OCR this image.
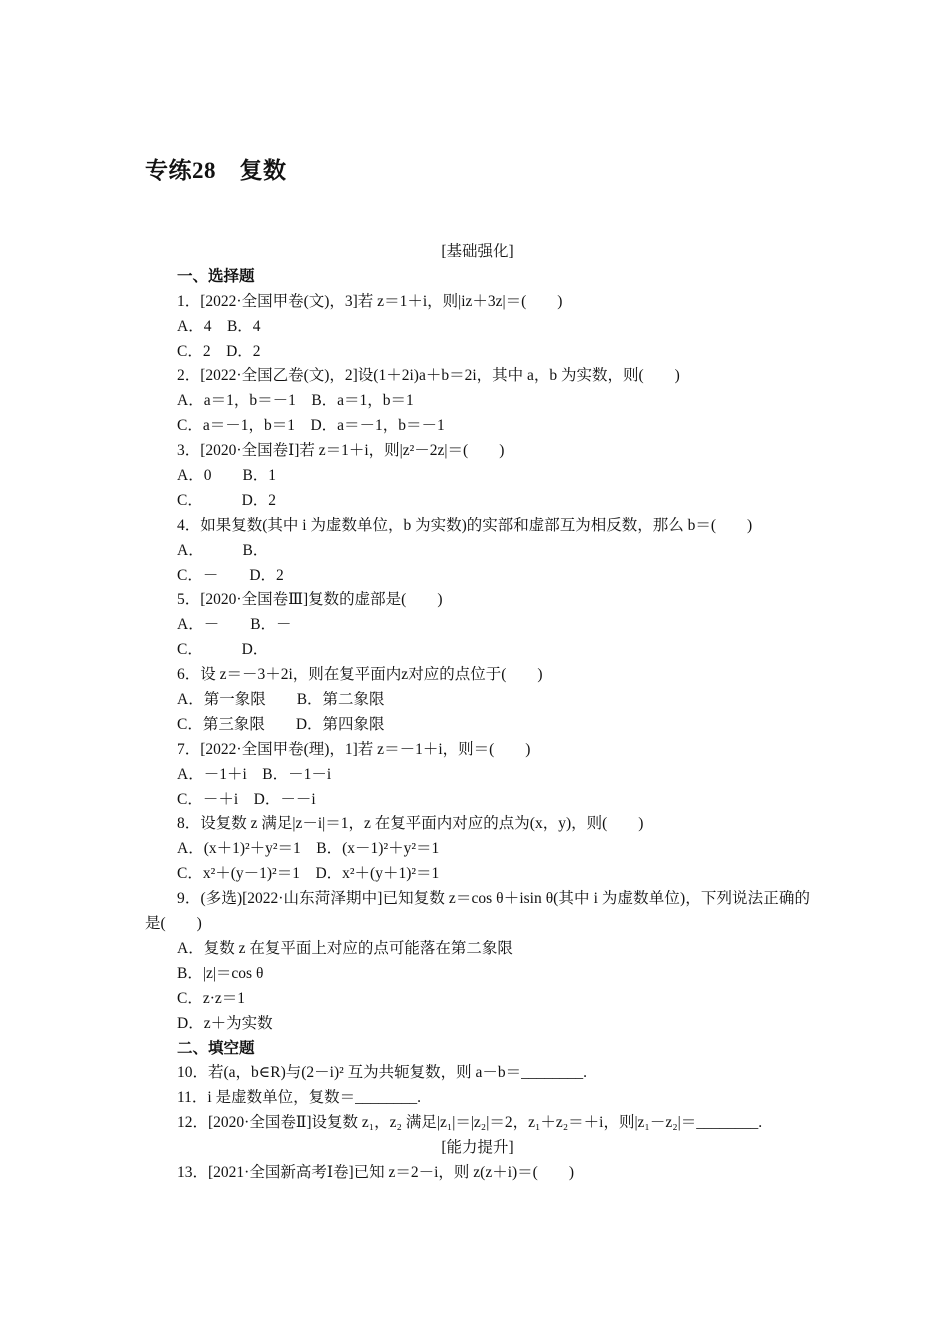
专练28　复数
[基础强化]
一、选择题
1．[2022·全国甲卷(文)，3]若 z＝1＋i，则|iz＋3z|＝(　　)
A．4　B．4
C．2　D．2
2．[2022·全国乙卷(文)，2]设(1＋2i)a＋b＝2i，其中 a，b 为实数，则(　　)
A．a＝1，b＝－1　B．a＝1，b＝1
C．a＝－1，b＝1　D．a＝－1，b＝－1
3．[2020·全国卷Ⅰ]若 z＝1＋i，则|z²－2z|＝(　　)
A．0　　B．1
C．　　　D．2
4．如果复数(其中 i 为虚数单位，b 为实数)的实部和虚部互为相反数，那么 b＝(　　)
A．　　　B．
C．－　　D．2
5．[2020·全国卷Ⅲ]复数的虚部是(　　)
A．－　　B．－
C．　　　D．
6．设 z＝－3＋2i，则在复平面内z对应的点位于(　　)
A．第一象限　　B．第二象限
C．第三象限　　D．第四象限
7．[2022·全国甲卷(理)，1]若 z＝－1＋i，则＝(　　)
A．－1＋i　B．－1－i
C．－＋i　D．－－i
8．设复数 z 满足|z－i|＝1，z 在复平面内对应的点为(x，y)，则(　　)
A．(x＋1)²＋y²＝1　B．(x－1)²＋y²＝1
C．x²＋(y－1)²＝1　D．x²＋(y＋1)²＝1
9．(多选)[2022·山东菏泽期中]已知复数 z＝cos θ＋isin θ(其中 i 为虚数单位)，下列说法正确的是(　　)
A．复数 z 在复平面上对应的点可能落在第二象限
B．|z|＝cos θ
C．z·z＝1
D．z＋为实数
二、填空题
10．若(a，b∈R)与(2－i)² 互为共轭复数，则 a－b＝________.
11．i 是虚数单位，复数＝________.
12．[2020·全国卷Ⅱ]设复数 z₁，z₂ 满足|z₁|＝|z₂|＝2，z₁＋z₂＝＋i，则|z₁－z₂|＝________.
[能力提升]
13．[2021·全国新高考Ⅰ卷]已知 z＝2－i，则 z(z＋i)＝(　　)
